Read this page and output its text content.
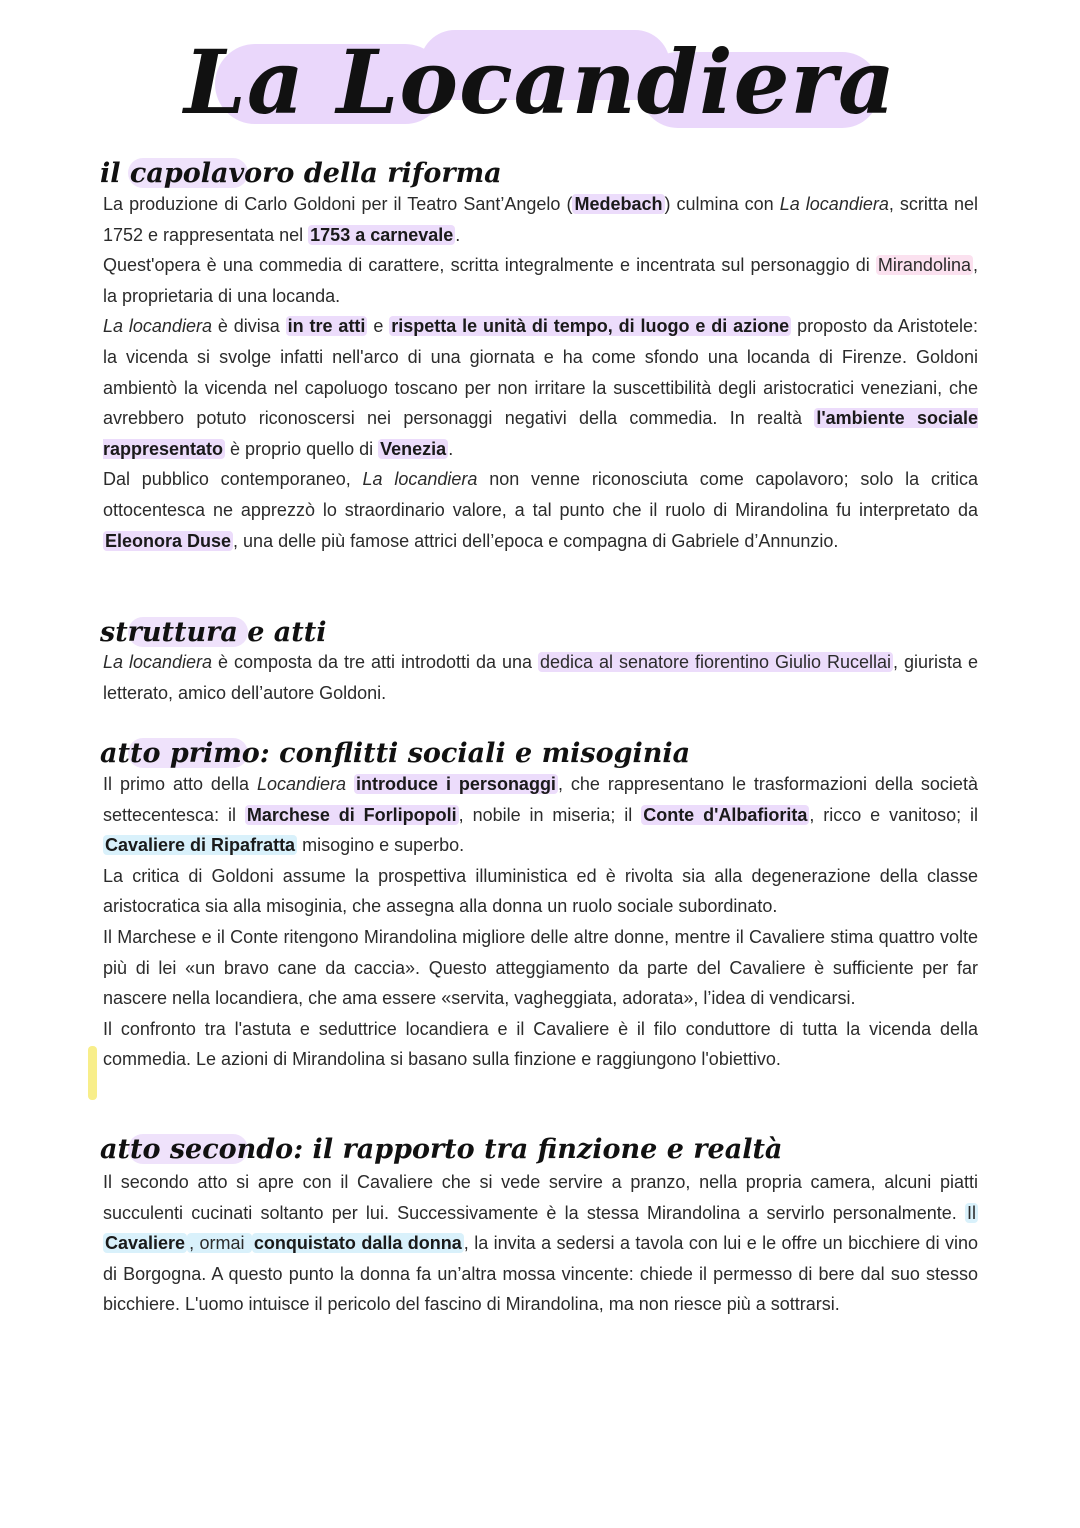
La Locandiera
il capolavoro della riforma
La produzione di Carlo Goldoni per il Teatro Sant’Angelo ( Medebach ) culmina con La locandiera, scritta nel 1752 e rappresentata nel 1753 a carnevale .
Quest'opera è una commedia di carattere, scritta integralmente e incentrata sul personaggio di Mirandolina , la proprietaria di una locanda.
La locandiera è divisa in tre atti e rispetta le unità di tempo, di luogo e di azione proposto da Aristotele: la vicenda si svolge infatti nell'arco di una giornata e ha come sfondo una locanda di Firenze. Goldoni ambientò la vicenda nel capoluogo toscano per non irritare la suscettibilità degli aristocratici veneziani, che avrebbero potuto riconoscersi nei personaggi negativi della commedia. In realtà l'ambiente sociale rappresentato è proprio quello di Venezia .
Dal pubblico contemporaneo, La locandiera non venne riconosciuta come capolavoro; solo la critica ottocentesca ne apprezzò lo straordinario valore, a tal punto che il ruolo di Mirandolina fu interpretato da Eleonora Duse , una delle più famose attrici dell’epoca e compagna di Gabriele d’Annunzio.
struttura e atti
La locandiera è composta da tre atti introdotti da una dedica al senatore fiorentino Giulio Rucellai , giurista e letterato, amico dell’autore Goldoni.
atto primo: conflitti sociali e misoginia
Il primo atto della Locandiera introduce i personaggi , che rappresentano le trasformazioni della società settecentesca: il Marchese di Forlipopoli , nobile in miseria; il Conte d'Albafiorita , ricco e vanitoso; il Cavaliere di Ripafratta misogino e superbo.
La critica di Goldoni assume la prospettiva illuministica ed è rivolta sia alla degenerazione della classe aristocratica sia alla misoginia, che assegna alla donna un ruolo sociale subordinato.
Il Marchese e il Conte ritengono Mirandolina migliore delle altre donne, mentre il Cavaliere stima quattro volte più di lei «un bravo cane da caccia». Questo atteggiamento da parte del Cavaliere è sufficiente per far nascere nella locandiera, che ama essere «servita, vagheggiata, adorata», l’idea di vendicarsi.
Il confronto tra l'astuta e seduttrice locandiera e il Cavaliere è il filo conduttore di tutta la vicenda della commedia. Le azioni di Mirandolina si basano sulla finzione e raggiungono l'obiettivo.
atto secondo: il rapporto tra finzione e realtà
Il secondo atto si apre con il Cavaliere che si vede servire a pranzo, nella propria camera, alcuni piatti succulenti cucinati soltanto per lui. Successivamente è la stessa Mirandolina a servirlo personalmente. Il Cavaliere , ormai conquistato dalla donna , la invita a sedersi a tavola con lui e le offre un bicchiere di vino di Borgogna. A questo punto la donna fa un’altra mossa vincente: chiede il permesso di bere dal suo stesso bicchiere. L'uomo intuisce il pericolo del fascino di Mirandolina, ma non riesce più a sottrarsi.
